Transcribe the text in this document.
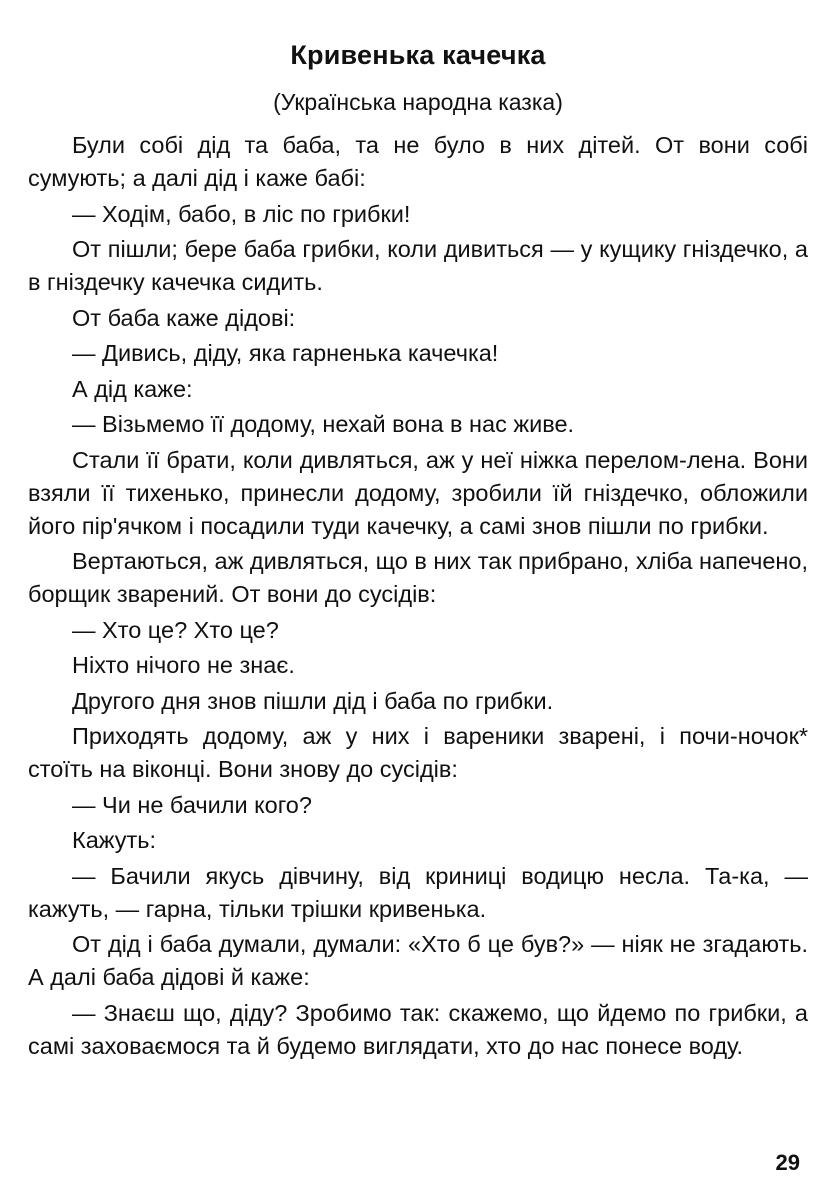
Кривенька качечка
(Українська народна казка)

Були собі дід та баба, та не було в них дітей. От вони собі сумують; а далі дід і каже бабі:

— Ходім, бабо, в ліс по грибки!

От пішли; бере баба грибки, коли дивиться — у кущику гніздечко, а в гніздечку качечка сидить.

От баба каже дідові:

— Дивись, діду, яка гарненька качечка!

А дід каже:

— Візьмемо її додому, нехай вона в нас живе.

Стали її брати, коли дивляться, аж у неї ніжка перелом-лена. Вони взяли її тихенько, принесли додому, зробили їй гніздечко, обложили його пір'ячком і посадили туди качечку, а самі знов пішли по грибки.

Вертаються, аж дивляться, що в них так прибрано, хліба напечено, борщик зварений. От вони до сусідів:

— Хто це? Хто це?

Ніхто нічого не знає.

Другого дня знов пішли дід і баба по грибки.

Приходять додому, аж у них і вареники зварені, і почи-ночок* стоїть на віконці. Вони знову до сусідів:

— Чи не бачили кого?

Кажуть:

— Бачили якусь дівчину, від криниці водицю несла. Та-ка, — кажуть, — гарна, тільки трішки кривенька.

От дід і баба думали, думали: «Хто б це був?» — ніяк не згадають. А далі баба дідові й каже:

— Знаєш що, діду? Зробимо так: скажемо, що йдемо по грибки, а самі заховаємося та й будемо виглядати, хто до нас понесе воду.

29
